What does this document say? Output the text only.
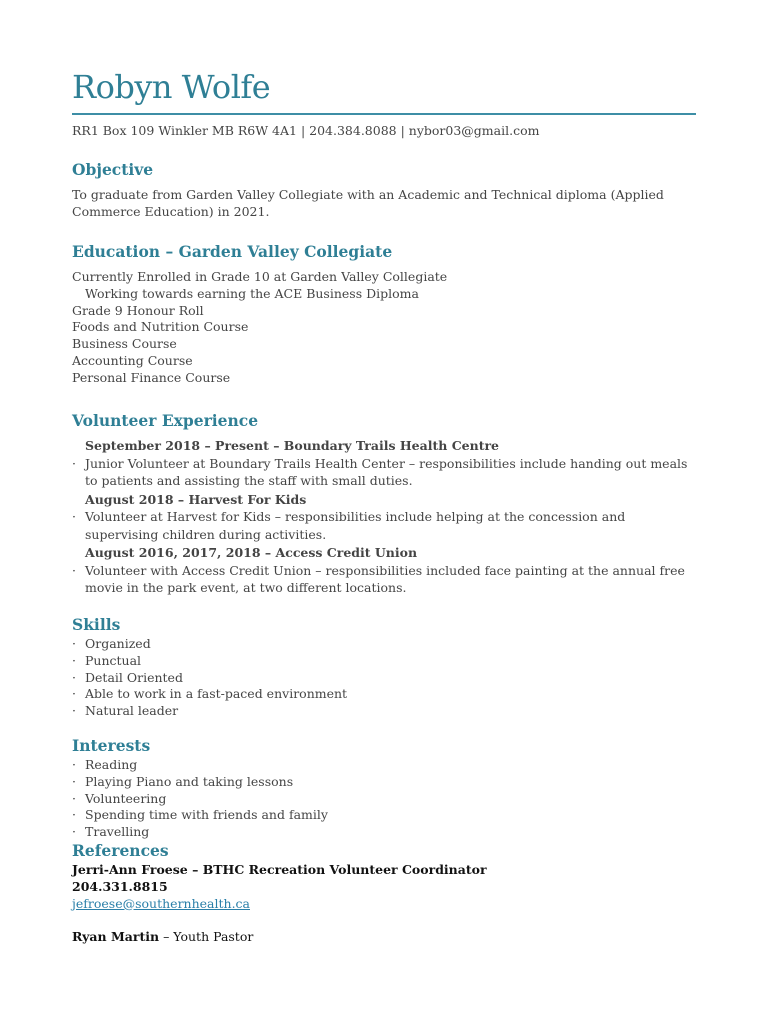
Robyn Wolfe
RR1 Box 109 Winkler MB R6W 4A1 | 204.384.8088 | nybor03@gmail.com
Objective
To graduate from Garden Valley Collegiate with an Academic and Technical diploma (Applied Commerce Education) in 2021.
Education – Garden Valley Collegiate
Currently Enrolled in Grade 10 at Garden Valley Collegiate
Working towards earning the ACE Business Diploma
Grade 9 Honour Roll
Foods and Nutrition Course
Business Course
Accounting Course
Personal Finance Course
Volunteer Experience
September 2018 – Present – Boundary Trails Health Centre
· Junior Volunteer at Boundary Trails Health Center – responsibilities include handing out meals to patients and assisting the staff with small duties.
August 2018 – Harvest For Kids
· Volunteer at Harvest for Kids – responsibilities include helping at the concession and supervising children during activities.
August 2016, 2017, 2018 – Access Credit Union
· Volunteer with Access Credit Union – responsibilities included face painting at the annual free movie in the park event, at two different locations.
Skills
· Organized
· Punctual
· Detail Oriented
· Able to work in a fast-paced environment
· Natural leader
Interests
· Reading
· Playing Piano and taking lessons
· Volunteering
· Spending time with friends and family
· Travelling
References
Jerri-Ann Froese – BTHC Recreation Volunteer Coordinator
204.331.8815
jefroese@southernhealth.ca
Ryan Martin – Youth Pastor
